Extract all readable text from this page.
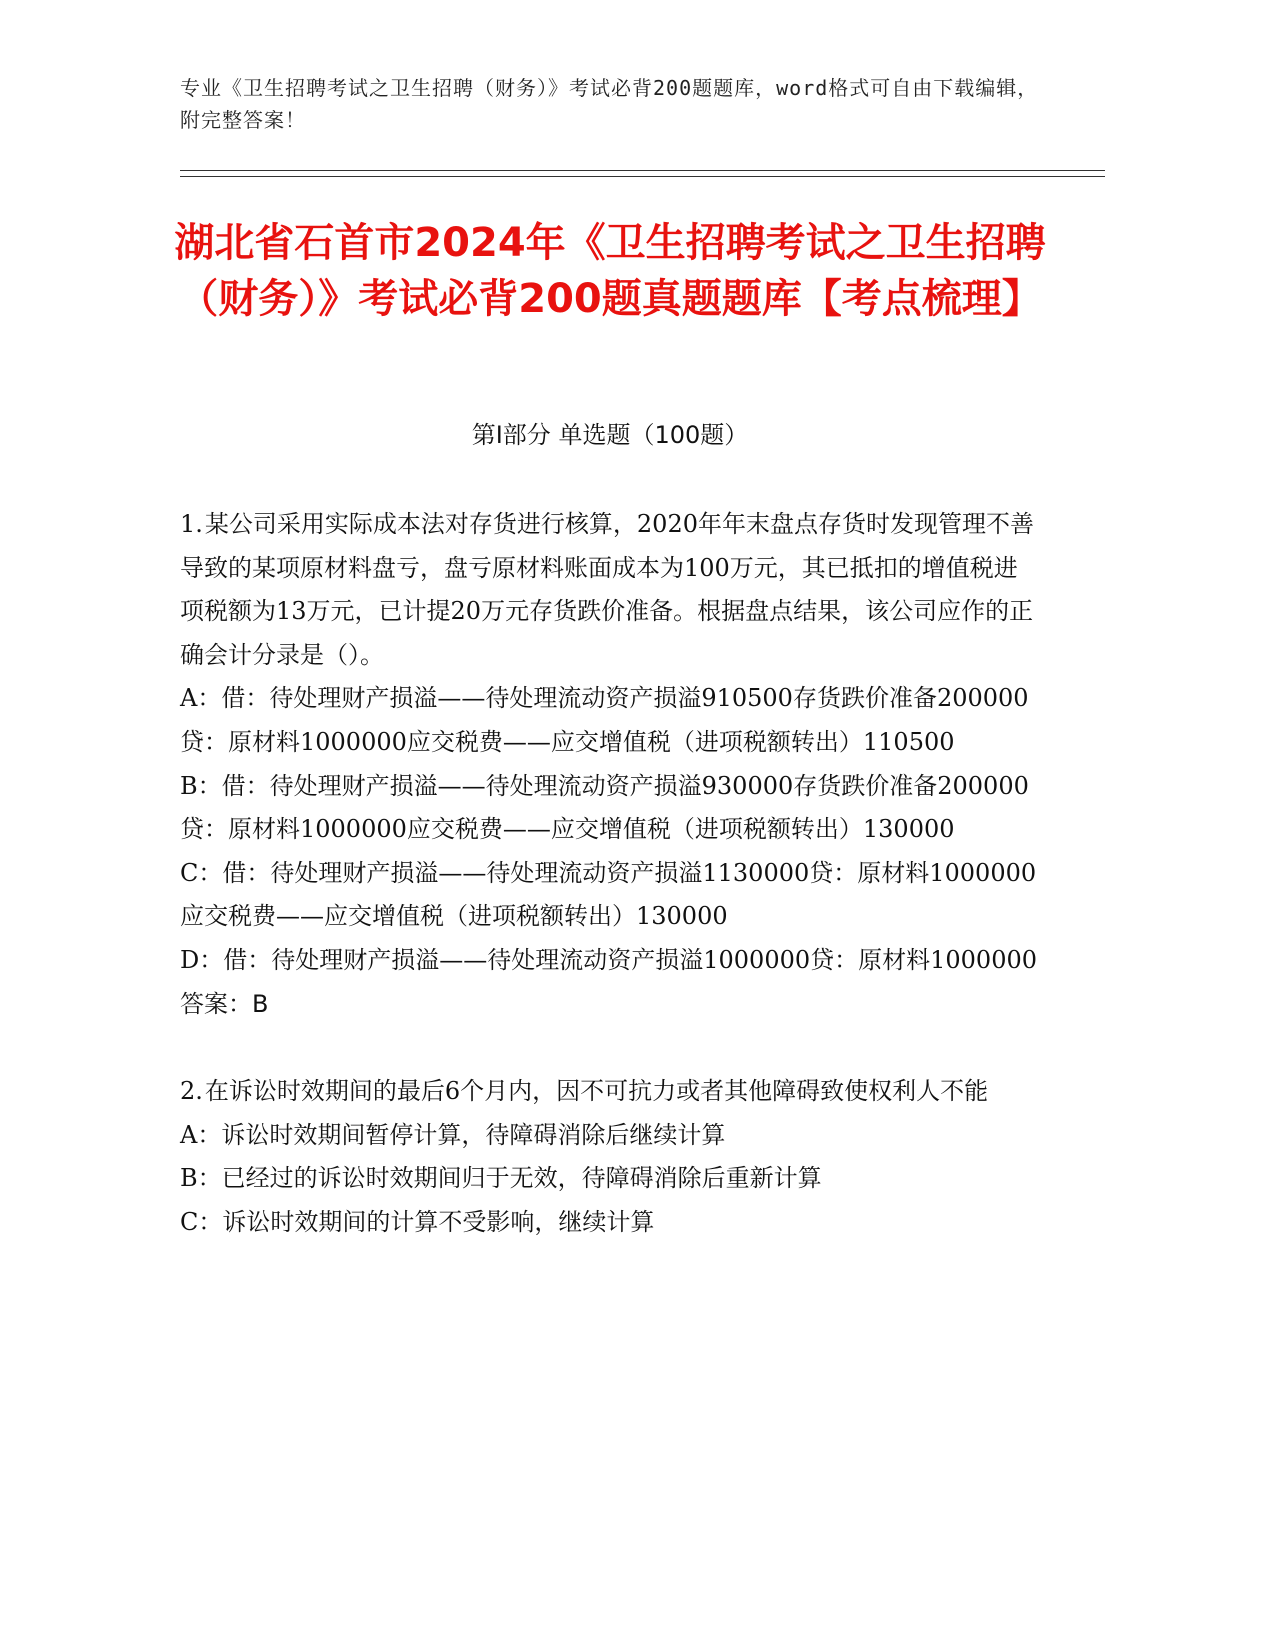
专业《卫生招聘考试之卫生招聘（财务）》考试必背200题题库，word格式可自由下载编辑，附完整答案！
湖北省石首市2024年《卫生招聘考试之卫生招聘（财务）》考试必背200题真题题库【考点梳理】
第I部分 单选题（100题）

1.某公司采用实际成本法对存货进行核算，2020年年末盘点存货时发现管理不善导致的某项原材料盘亏，盘亏原材料账面成本为100万元，其已抵扣的增值税进项税额为13万元，已计提20万元存货跌价准备。根据盘点结果，该公司应作的正确会计分录是（）。

A：借：待处理财产损溢——待处理流动资产损溢910500存货跌价准备200000贷：原材料1000000应交税费——应交增值税（进项税额转出）110500

B：借：待处理财产损溢——待处理流动资产损溢930000存货跌价准备200000贷：原材料1000000应交税费——应交增值税（进项税额转出）130000

C：借：待处理财产损溢——待处理流动资产损溢1130000贷：原材料1000000应交税费——应交增值税（进项税额转出）130000

D：借：待处理财产损溢——待处理流动资产损溢1000000贷：原材料1000000

答案：B

2.在诉讼时效期间的最后6个月内，因不可抗力或者其他障碍致使权利人不能

A：诉讼时效期间暂停计算，待障碍消除后继续计算

B：已经过的诉讼时效期间归于无效，待障碍消除后重新计算

C：诉讼时效期间的计算不受影响，继续计算
